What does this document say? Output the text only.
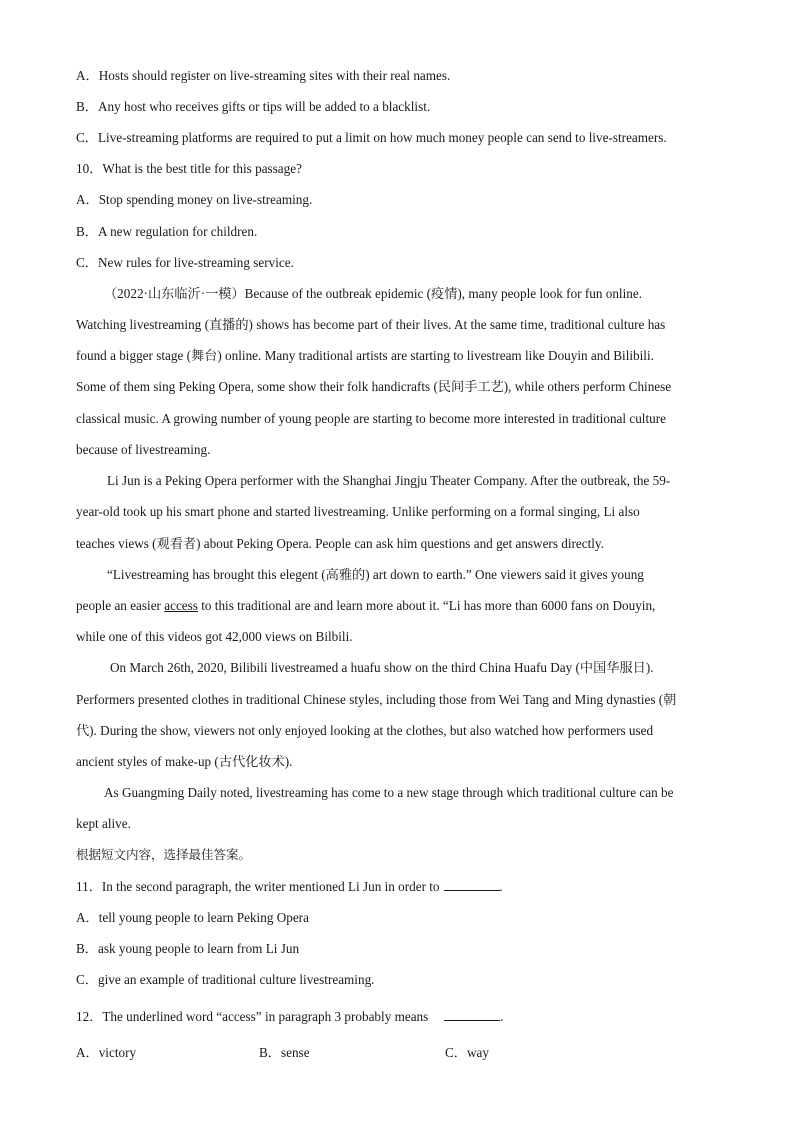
A．Hosts should register on live-streaming sites with their real names.
B．Any host who receives gifts or tips will be added to a blacklist.
C．Live-streaming platforms are required to put a limit on how much money people can send to live-streamers.
10．What is the best title for this passage?
A．Stop spending money on live-streaming.
B．A new regulation for children.
C．New rules for live-streaming service.
（2022·山东临沂·一模）Because of the outbreak epidemic (疫情), many people look for fun online.
Watching livestreaming (直播的) shows has become part of their lives. At the same time, traditional culture has
found a bigger stage (舞台) online. Many traditional artists are starting to livestream like Douyin and Bilibili.
Some of them sing Peking Opera, some show their folk handicrafts (民间手工艺), while others perform Chinese
classical music. A growing number of young people are starting to become more interested in traditional culture
because of livestreaming.
Li Jun is a Peking Opera performer with the Shanghai Jingju Theater Company. After the outbreak, the 59-
year-old took up his smart phone and started livestreaming. Unlike performing on a formal singing, Li also
teaches views (观看者) about Peking Opera. People can ask him questions and get answers directly.
“Livestreaming has brought this elegent (高雅的) art down to earth.” One viewers said it gives young
people an easier access to this traditional are and learn more about it. “Li has more than 6000 fans on Douyin,
while one of this videos got 42,000 views on Bilbili.
On March 26th, 2020, Bilibili livestreamed a huafu show on the third China Huafu Day (中国华服日).
Performers presented clothes in traditional Chinese styles, including those from Wei Tang and Ming dynasties (朝
代). During the show, viewers not only enjoyed looking at the clothes, but also watched how performers used
ancient styles of make-up (古代化妆术).
As Guangming Daily noted, livestreaming has come to a new stage through which traditional culture can be
kept alive.
根据短文内容，选择最佳答案。
11．In the second paragraph, the writer mentioned Li Jun in order to	.
A．tell young people to learn Peking Opera
B．ask young people to learn from Li Jun
C．give an example of traditional culture livestreaming.
12．The underlined word “access” in paragraph 3 probably means	.
A．victory	B．sense	C．way
